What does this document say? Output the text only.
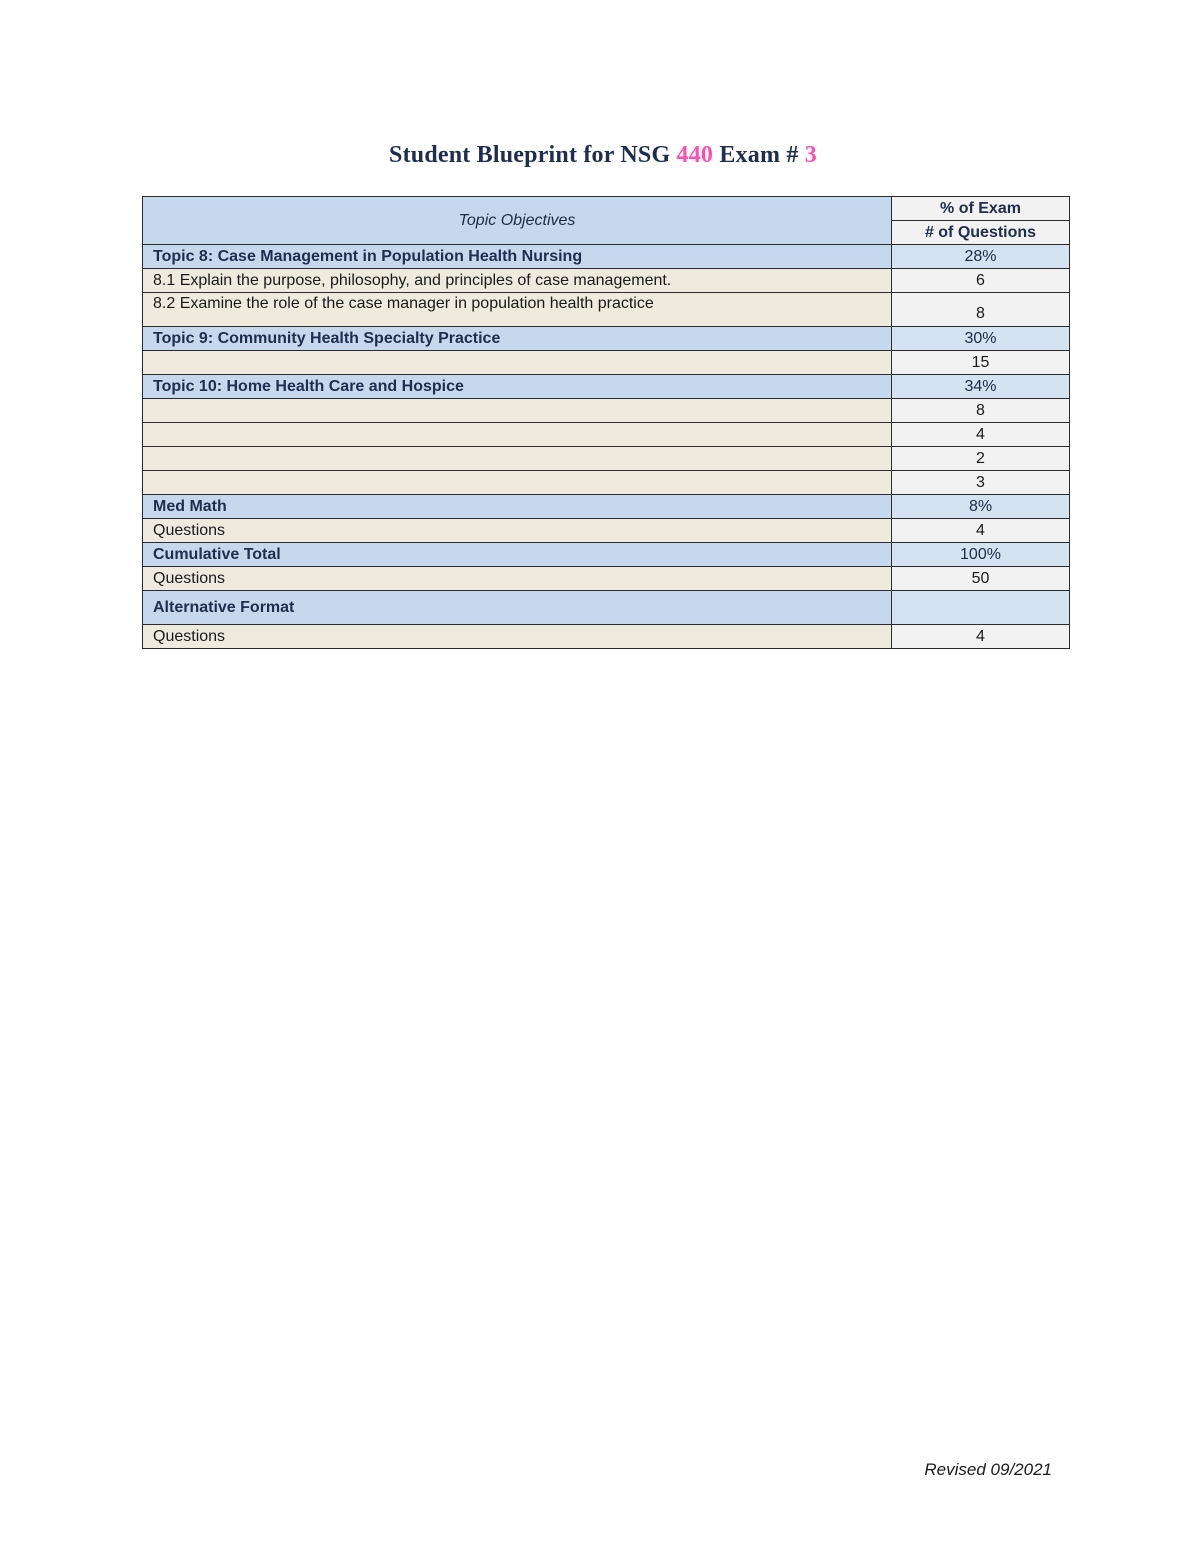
Student Blueprint for NSG 440 Exam # 3
Topic Objectives	% of Exam
	# of Questions
Topic 8: Case Management in Population Health Nursing	28%
8.1 Explain the purpose, philosophy, and principles of case management.	6
8.2 Examine the role of the case manager in population health practice	8
Topic 9: Community Health Specialty Practice	30%
	15
Topic 10: Home Health Care and Hospice	34%
	8
	4
	2
	3
Med Math	8%
Questions	4
Cumulative Total	100%
Questions	50
Alternative Format	
Questions	4
Revised 09/2021
